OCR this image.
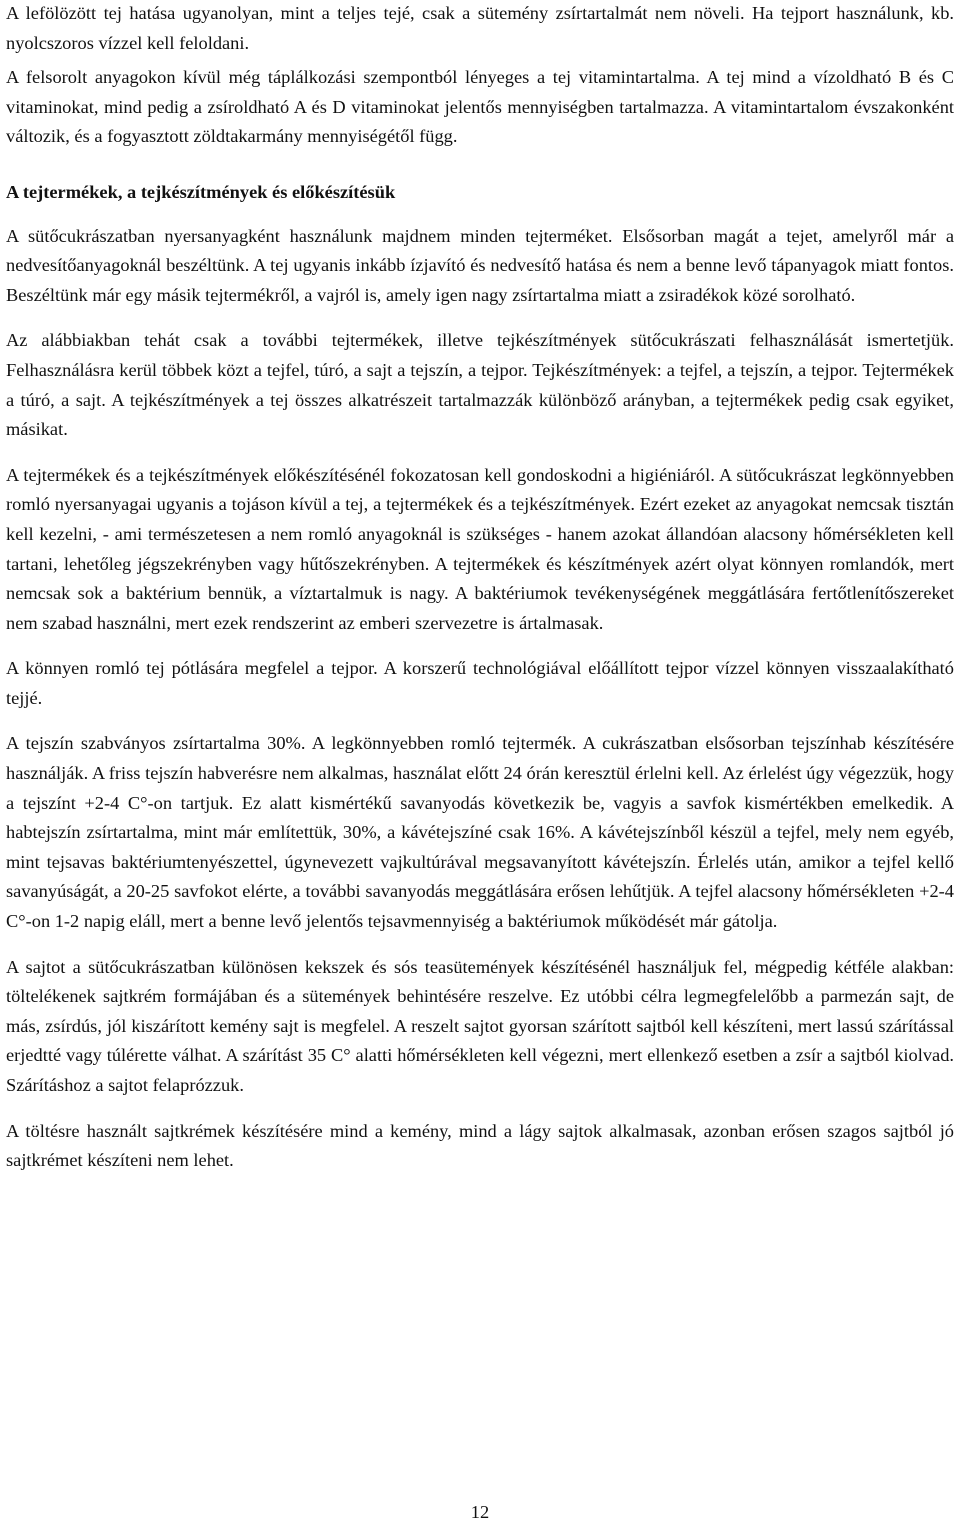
A lefölözött tej hatása ugyanolyan, mint a teljes tejé, csak a sütemény zsírtartalmát nem növeli. Ha tejport használunk, kb. nyolcszoros vízzel kell feloldani.

A felsorolt anyagokon kívül még táplálkozási szempontból lényeges a tej vitamintartalma. A tej mind a vízoldható B és C vitaminokat, mind pedig a zsíroldható A és D vitaminokat jelentős mennyiségben tartalmazza. A vitamintartalom évszakonként változik, és a fogyasztott zöldtakarmány mennyiségétől függ.

A tejtermékek, a tejkészítmények és előkészítésük

A sütőcukrászatban nyersanyagként használunk majdnem minden tejterméket. Elsősorban magát a tejet, amelyről már a nedvesítőanyagoknál beszéltünk. A tej ugyanis inkább ízjavító és nedvesítő hatása és nem a benne levő tápanyagok miatt fontos. Beszéltünk már egy másik tejtermékről, a vajról is, amely igen nagy zsírtartalma miatt a zsiradékok közé sorolható.

Az alábbiakban tehát csak a további tejtermékek, illetve tejkészítmények sütőcukrászati felhasználását ismertetjük. Felhasználásra kerül többek közt a tejfel, túró, a sajt a tejszín, a tejpor. Tejkészítmények: a tejfel, a tejszín, a tejpor. Tejtermékek a túró, a sajt. A tejkészítmények a tej összes alkatrészeit tartalmazzák különböző arányban, a tejtermékek pedig csak egyiket, másikat.

A tejtermékek és a tejkészítmények előkészítésénél fokozatosan kell gondoskodni a higiéniáról. A sütőcukrászat legkönnyebben romló nyersanyagai ugyanis a tojáson kívül a tej, a tejtermékek és a tejkészítmények. Ezért ezeket az anyagokat nemcsak tisztán kell kezelni, - ami természetesen a nem romló anyagoknál is szükséges - hanem azokat állandóan alacsony hőmérsékleten kell tartani, lehetőleg jégszekrényben vagy hűtőszekrényben. A tejtermékek és készítmények azért olyat könnyen romlandók, mert nemcsak sok a baktérium bennük, a víztartalmuk is nagy. A baktériumok tevékenységének meggátlására fertőtlenítőszereket nem szabad használni, mert ezek rendszerint az emberi szervezetre is ártalmasak.

A könnyen romló tej pótlására megfelel a tejpor. A korszerű technológiával előállított tejpor vízzel könnyen visszaalakítható tejjé.

A tejszín szabványos zsírtartalma 30%. A legkönnyebben romló tejtermék. A cukrászatban elsősorban tejszínhab készítésére használják. A friss tejszín habverésre nem alkalmas, használat előtt 24 órán keresztül érlelni kell. Az érlelést úgy végezzük, hogy a tejszínt +2-4 C°-on tartjuk. Ez alatt kismértékű savanyodás következik be, vagyis a savfok kismértékben emelkedik. A habtejszín zsírtartalma, mint már említettük, 30%, a kávétejszíné csak 16%. A kávétejszínből készül a tejfel, mely nem egyéb, mint tejsavas baktériumtenyészettel, úgynevezett vajkultúrával megsavanyított kávétejszín. Érlelés után, amikor a tejfel kellő savanyúságát, a 20-25 savfokot elérte, a további savanyodás meggátlására erősen lehűtjük. A tejfel alacsony hőmérsékleten +2-4 C°-on 1-2 napig eláll, mert a benne levő jelentős tejsavmennyiség a baktériumok működését már gátolja.

A sajtot a sütőcukrászatban különösen kekszek és sós teasütemények készítésénél használjuk fel, mégpedig kétféle alakban: töltelékenek sajtkrém formájában és a sütemények behintésére reszelve. Ez utóbbi célra legmegfelelőbb a parmezán sajt, de más, zsírdús, jól kiszárított kemény sajt is megfelel. A reszelt sajtot gyorsan szárított sajtból kell készíteni, mert lassú szárítással erjedtté vagy túlérette válhat. A szárítást 35 C° alatti hőmérsékleten kell végezni, mert ellenkező esetben a zsír a sajtból kiolvad. Szárításhoz a sajtot felaprózzuk.

A töltésre használt sajtkrémek készítésére mind a kemény, mind a lágy sajtok alkalmasak, azonban erősen szagos sajtból jó sajtkrémet készíteni nem lehet.

12
